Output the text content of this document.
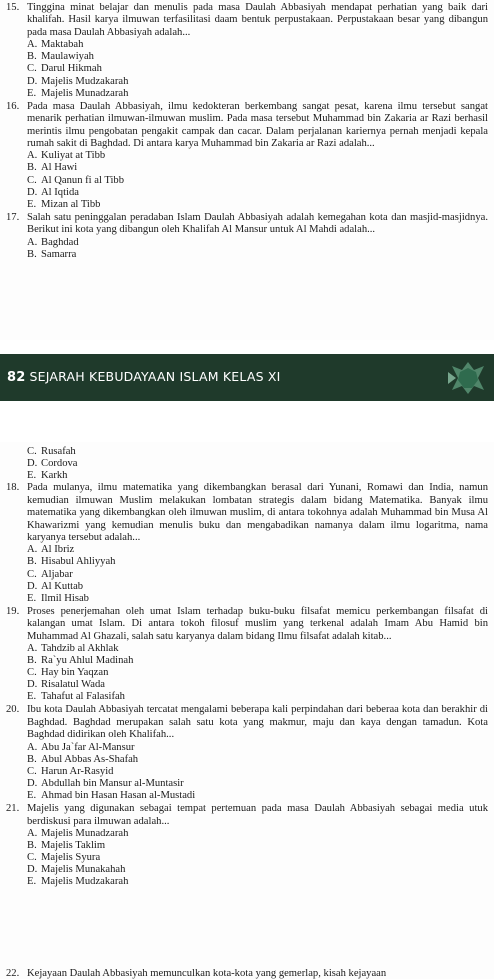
15. Tinggina minat belajar dan menulis pada masa Daulah Abbasiyah mendapat perhatian yang baik dari khalifah. Hasil karya ilmuwan terfasilitasi daam bentuk perpustakaan. Perpustakaan besar yang dibangun pada masa Daulah Abbasiyah adalah...
A. Maktabah
B. Maulawiyah
C. Darul Hikmah
D. Majelis Mudzakarah
E. Majelis Munadzarah
16. Pada masa Daulah Abbasiyah, ilmu kedokteran berkembang sangat pesat, karena ilmu tersebut sangat menarik perhatian ilmuwan-ilmuwan muslim. Pada masa tersebut Muhammad bin Zakaria ar Razi berhasil merintis ilmu pengobatan pengakit campak dan cacar. Dalam perjalanan kariernya pernah menjadi kepala rumah sakit di Baghdad. Di antara karya Muhammad bin Zakaria ar Razi adalah...
A. Kuliyat at Tibb
B. Al Hawi
C. Al Qanun fi al Tibb
D. Al Iqtida
E. Mizan al Tibb
17. Salah satu peninggalan peradaban Islam Daulah Abbasiyah adalah kemegahan kota dan masjid-masjidnya. Berikut ini kota yang dibangun oleh Khalifah Al Mansur untuk Al Mahdi adalah...
A. Baghdad
B. Samarra
82 SEJARAH KEBUDAYAAN ISLAM KELAS XI
C. Rusafah
D. Cordova
E. Karkh
18. Pada mulanya, ilmu matematika yang dikembangkan berasal dari Yunani, Romawi dan India, namun kemudian ilmuwan Muslim melakukan lombatan strategis dalam bidang Matematika. Banyak ilmu matematika yang dikembangkan oleh ilmuwan muslim, di antara tokohnya adalah Muhammad bin Musa Al Khawarizmi yang kemudian menulis buku dan mengabadikan namanya dalam ilmu logaritma, nama karyanya tersebut adalah...
A. Al Ibriz
B. Hisabul Ahliyyah
C. Aljabar
D. Al Kuttab
E. Ilmil Hisab
19. Proses penerjemahan oleh umat Islam terhadap buku-buku filsafat memicu perkembangan filsafat di kalangan umat Islam. Di antara tokoh filosuf muslim yang terkenal adalah Imam Abu Hamid bin Muhammad Al Ghazali, salah satu karyanya dalam bidang Ilmu filsafat adalah kitab...
A. Tahdzib al Akhlak
B. Ra`yu Ahlul Madinah
C. Hay bin Yaqzan
D. Risalatul Wada
E. Tahafut al Falasifah
20. Ibu kota Daulah Abbasiyah tercatat mengalami beberapa kali perpindahan dari beberaa kota dan berakhir di Baghdad. Baghdad merupakan salah satu kota yang makmur, maju dan kaya dengan tamadun. Kota Baghdad didirikan oleh Khalifah...
A. Abu Ja`far Al-Mansur
B. Abul Abbas As-Shafah
C. Harun Ar-Rasyid
D. Abdullah bin Mansur al-Muntasir
E. Ahmad bin Hasan Hasan al-Mustadi
21. Majelis yang digunakan sebagai tempat pertemuan pada masa Daulah Abbasiyah sebagai media utuk berdiskusi para ilmuwan adalah...
A. Majelis Munadzarah
B. Majelis Taklim
C. Majelis Syura
D. Majelis Munakahah
E. Majelis Mudzakarah
22. Kejayaan Daulah Abbasiyah memunculkan kota-kota yang gemerlap, kisah kejayaan
